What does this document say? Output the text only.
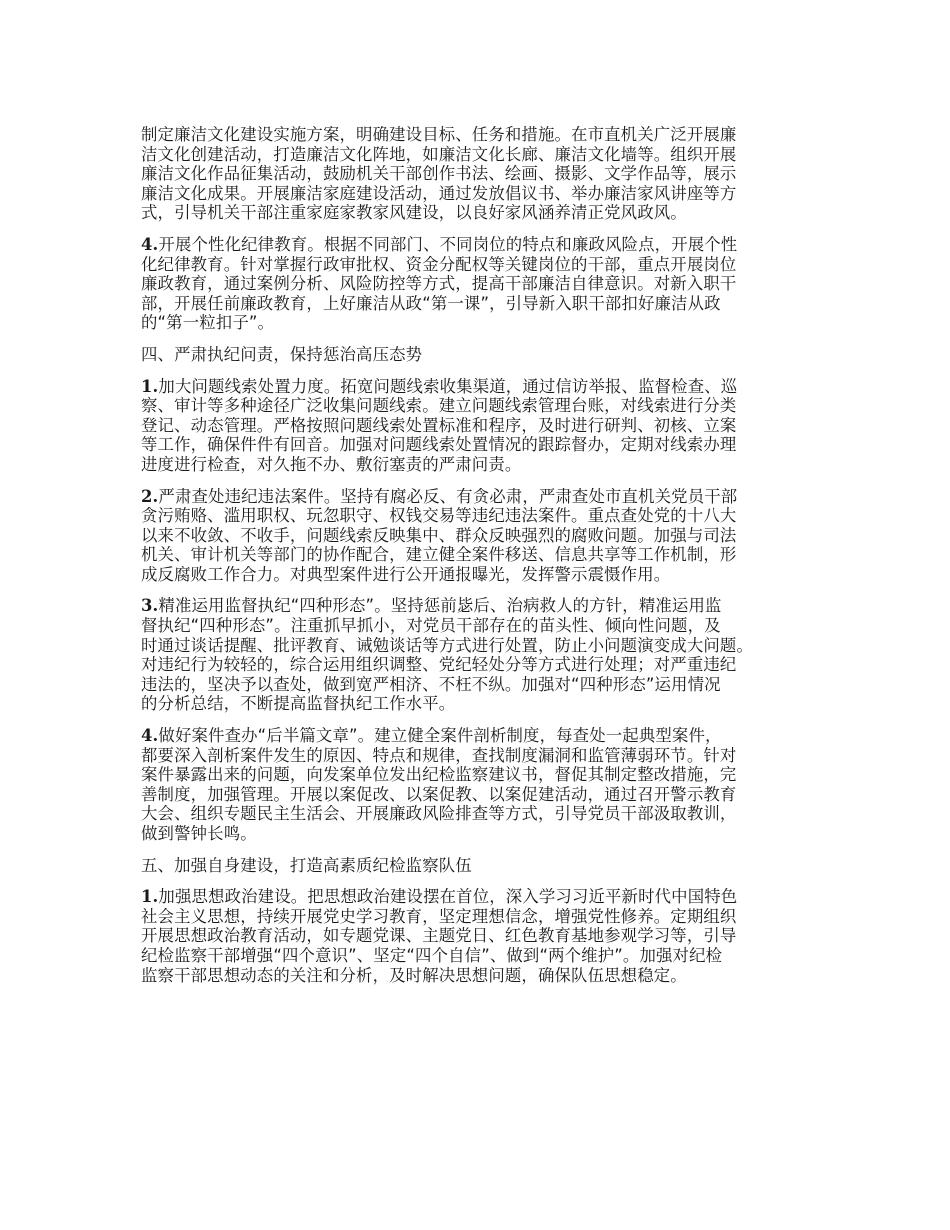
制定廉洁文化建设实施方案，明确建设目标、任务和措施。在市直机关广泛开展廉
洁文化创建活动，打造廉洁文化阵地，如廉洁文化长廊、廉洁文化墙等。组织开展
廉洁文化作品征集活动，鼓励机关干部创作书法、绘画、摄影、文学作品等，展示
廉洁文化成果。开展廉洁家庭建设活动，通过发放倡议书、举办廉洁家风讲座等方
式，引导机关干部注重家庭家教家风建设，以良好家风涵养清正党风政风。
4.开展个性化纪律教育。根据不同部门、不同岗位的特点和廉政风险点，开展个性
化纪律教育。针对掌握行政审批权、资金分配权等关键岗位的干部，重点开展岗位
廉政教育，通过案例分析、风险防控等方式，提高干部廉洁自律意识。对新入职干
部，开展任前廉政教育，上好廉洁从政“第一课”，引导新入职干部扣好廉洁从政
的“第一粒扣子”。
四、严肃执纪问责，保持惩治高压态势
1.加大问题线索处置力度。拓宽问题线索收集渠道，通过信访举报、监督检查、巡
察、审计等多种途径广泛收集问题线索。建立问题线索管理台账，对线索进行分类
登记、动态管理。严格按照问题线索处置标准和程序，及时进行研判、初核、立案
等工作，确保件件有回音。加强对问题线索处置情况的跟踪督办，定期对线索办理
进度进行检查，对久拖不办、敷衍塞责的严肃问责。
2.严肃查处违纪违法案件。坚持有腐必反、有贪必肃，严肃查处市直机关党员干部
贪污贿赂、滥用职权、玩忽职守、权钱交易等违纪违法案件。重点查处党的十八大
以来不收敛、不收手，问题线索反映集中、群众反映强烈的腐败问题。加强与司法
机关、审计机关等部门的协作配合，建立健全案件移送、信息共享等工作机制，形
成反腐败工作合力。对典型案件进行公开通报曝光，发挥警示震慑作用。
3.精准运用监督执纪“四种形态”。坚持惩前毖后、治病救人的方针，精准运用监
督执纪“四种形态”。注重抓早抓小，对党员干部存在的苗头性、倾向性问题，及
时通过谈话提醒、批评教育、诫勉谈话等方式进行处置，防止小问题演变成大问题。
对违纪行为较轻的，综合运用组织调整、党纪轻处分等方式进行处理；对严重违纪
违法的，坚决予以查处，做到宽严相济、不枉不纵。加强对“四种形态”运用情况
的分析总结，不断提高监督执纪工作水平。
4.做好案件查办“后半篇文章”。建立健全案件剖析制度，每查处一起典型案件，
都要深入剖析案件发生的原因、特点和规律，查找制度漏洞和监管薄弱环节。针对
案件暴露出来的问题，向发案单位发出纪检监察建议书，督促其制定整改措施，完
善制度，加强管理。开展以案促改、以案促教、以案促建活动，通过召开警示教育
大会、组织专题民主生活会、开展廉政风险排查等方式，引导党员干部汲取教训，
做到警钟长鸣。
五、加强自身建设，打造高素质纪检监察队伍
1.加强思想政治建设。把思想政治建设摆在首位，深入学习习近平新时代中国特色
社会主义思想，持续开展党史学习教育，坚定理想信念，增强党性修养。定期组织
开展思想政治教育活动，如专题党课、主题党日、红色教育基地参观学习等，引导
纪检监察干部增强“四个意识”、坚定“四个自信”、做到“两个维护”。加强对纪检
监察干部思想动态的关注和分析，及时解决思想问题，确保队伍思想稳定。
